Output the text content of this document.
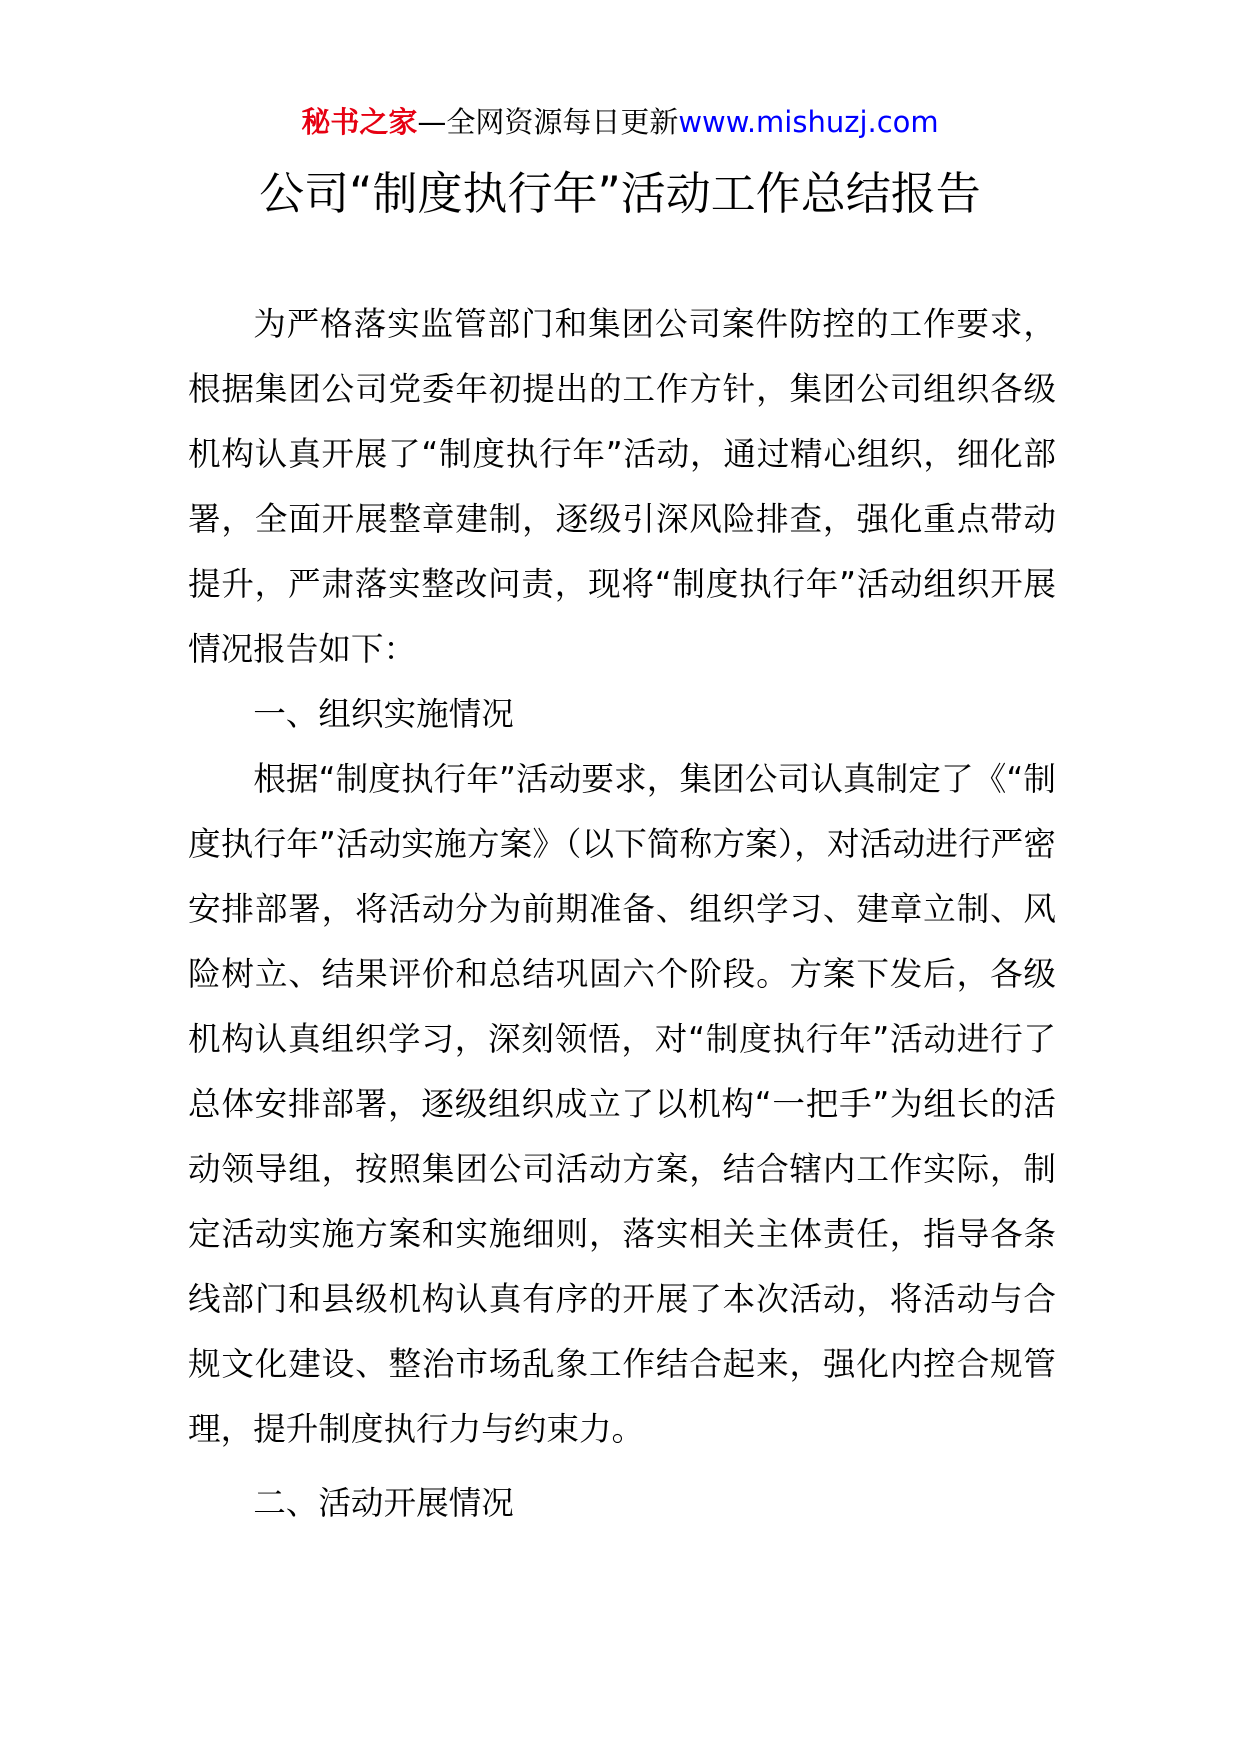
秘书之家—全网资源每日更新www.mishuzj.com
公司“制度执行年”活动工作总结报告

为严格落实监管部门和集团公司案件防控的工作要求，根据集团公司党委年初提出的工作方针，集团公司组织各级机构认真开展了“制度执行年”活动，通过精心组织，细化部署，全面开展整章建制，逐级引深风险排查，强化重点带动提升，严肃落实整改问责，现将“制度执行年”活动组织开展情况报告如下：

一、组织实施情况

根据“制度执行年”活动要求，集团公司认真制定了《“制度执行年”活动实施方案》（以下简称方案），对活动进行严密安排部署，将活动分为前期准备、组织学习、建章立制、风险树立、结果评价和总结巩固六个阶段。方案下发后，各级机构认真组织学习，深刻领悟，对“制度执行年”活动进行了总体安排部署，逐级组织成立了以机构“一把手”为组长的活动领导组，按照集团公司活动方案，结合辖内工作实际，制定活动实施方案和实施细则，落实相关主体责任，指导各条线部门和县级机构认真有序的开展了本次活动，将活动与合规文化建设、整治市场乱象工作结合起来，强化内控合规管理，提升制度执行力与约束力。

二、活动开展情况
